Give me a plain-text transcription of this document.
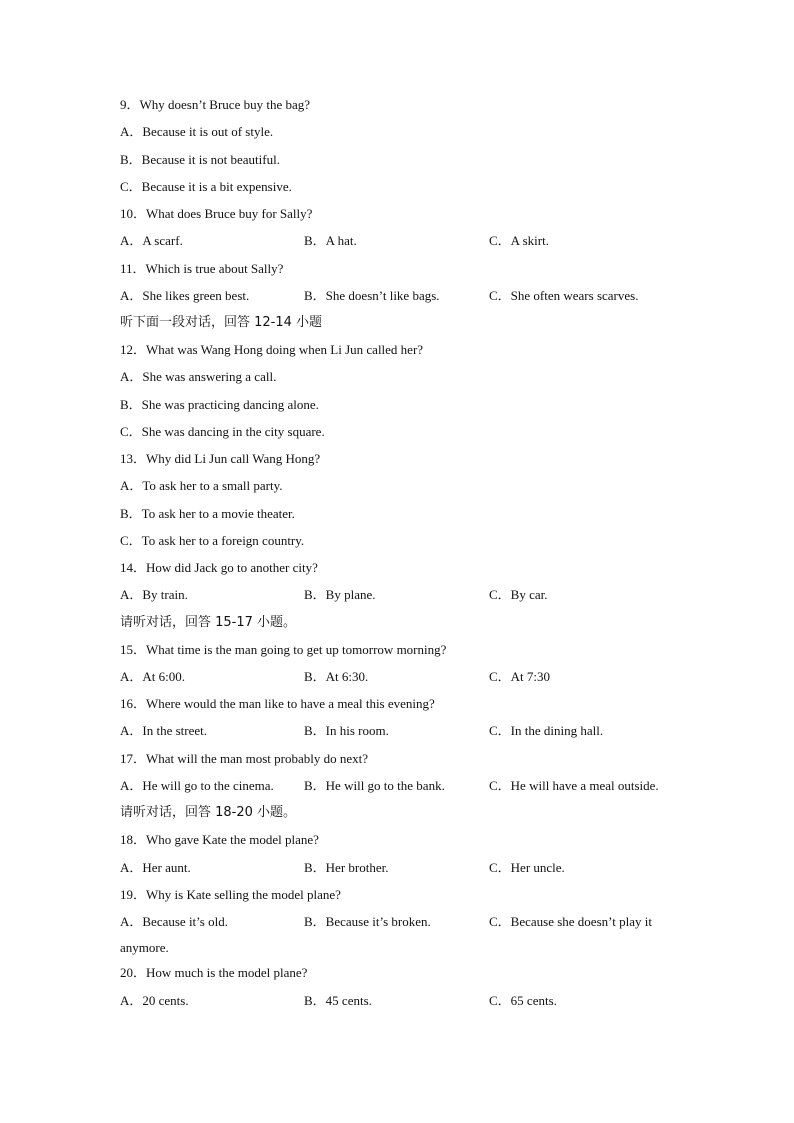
9．Why doesn’t Bruce buy the bag?
A．Because it is out of style.
B．Because it is not beautiful.
C．Because it is a bit expensive.
10．What does Bruce buy for Sally?
A．A scarf.	B．A hat.	C．A skirt.
11．Which is true about Sally?
A．She likes green best.	B．She doesn’t like bags.	C．She often wears scarves.
听下面一段对话，回答 12-14 小题
12．What was Wang Hong doing when Li Jun called her?
A．She was answering a call.
B．She was practicing dancing alone.
C．She was dancing in the city square.
13．Why did Li Jun call Wang Hong?
A．To ask her to a small party.
B．To ask her to a movie theater.
C．To ask her to a foreign country.
14．How did Jack go to another city?
A．By train.	B．By plane.	C．By car.
请听对话，回答 15-17 小题。
15．What time is the man going to get up tomorrow morning?
A．At 6:00.	B．At 6:30.	C．At 7:30
16．Where would the man like to have a meal this evening?
A．In the street.	B．In his room.	C．In the dining hall.
17．What will the man most probably do next?
A．He will go to the cinema. B．He will go to the bank.	C．He will have a meal outside.
请听对话，回答 18-20 小题。
18．Who gave Kate the model plane?
A．Her aunt.	B．Her brother.	C．Her uncle.
19．Why is Kate selling the model plane?
A．Because it’s old.	B．Because it’s broken.	C．Because she doesn’t play it
anymore.
20．How much is the model plane?
A．20 cents.	B．45 cents.	C．65 cents.
